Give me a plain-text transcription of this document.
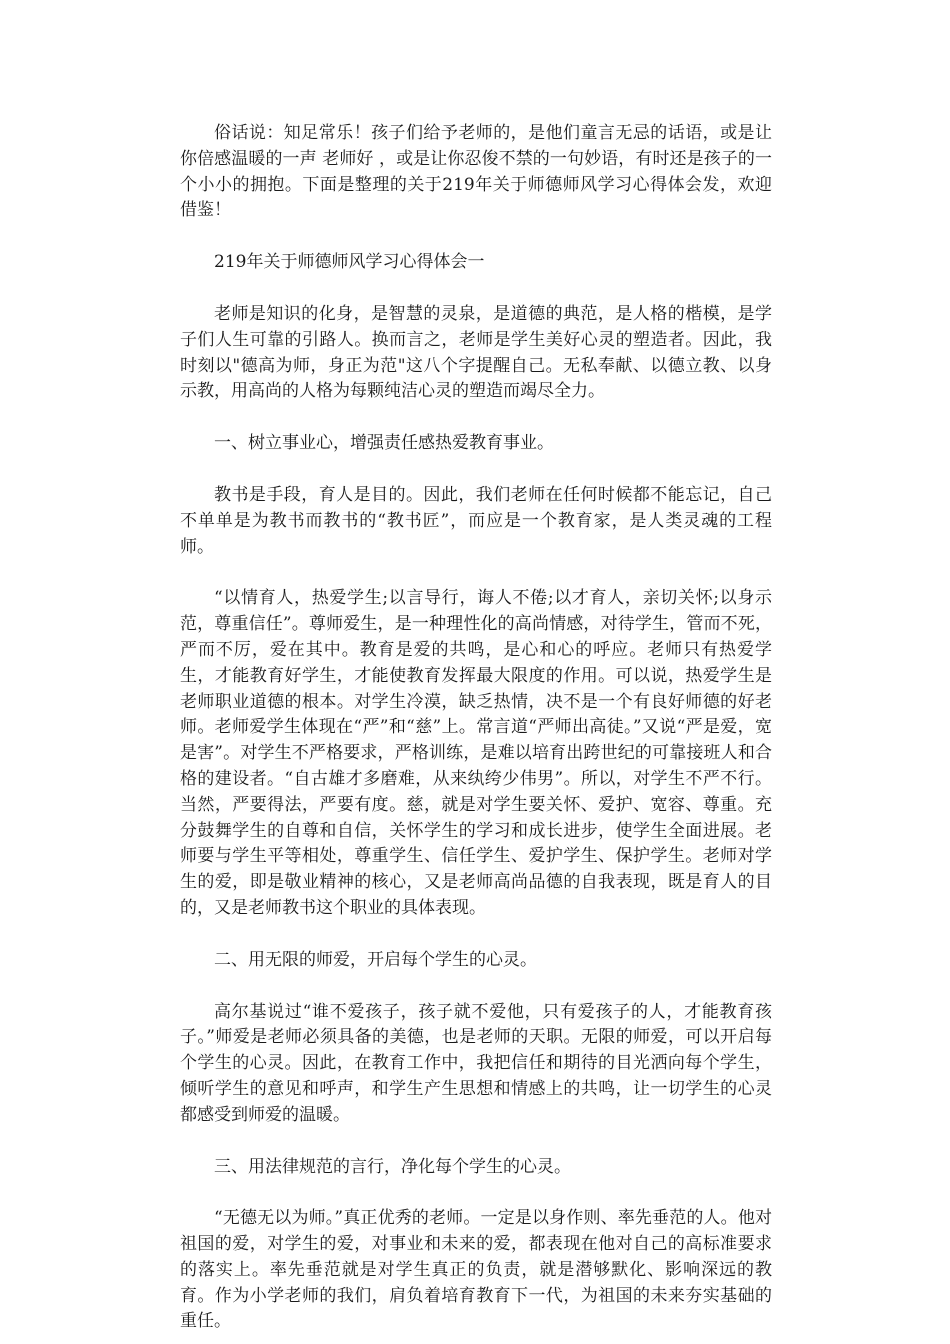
俗话说：知足常乐！孩子们给予老师的，是他们童言无忌的话语，或是让你倍感温暖的一声 老师好 ，或是让你忍俊不禁的一句妙语，有时还是孩子的一个小小的拥抱。下面是整理的关于219年关于师德师风学习心得体会发，欢迎借鉴！

219年关于师德师风学习心得体会一

老师是知识的化身，是智慧的灵泉，是道德的典范，是人格的楷模，是学子们人生可靠的引路人。换而言之，老师是学生美好心灵的塑造者。因此，我时刻以"德高为师，身正为范"这八个字提醒自己。无私奉献、以德立教、以身示教，用高尚的人格为每颗纯洁心灵的塑造而竭尽全力。

一、树立事业心，增强责任感热爱教育事业。

教书是手段，育人是目的。因此，我们老师在任何时候都不能忘记，自己不单单是为教书而教书的“教书匠”，而应是一个教育家，是人类灵魂的工程师。

“以情育人，热爱学生;以言导行，诲人不倦;以才育人，亲切关怀;以身示范，尊重信任”。尊师爱生，是一种理性化的高尚情感，对待学生，管而不死，严而不厉，爱在其中。教育是爱的共鸣，是心和心的呼应。老师只有热爱学生，才能教育好学生，才能使教育发挥最大限度的作用。可以说，热爱学生是老师职业道德的根本。对学生冷漠，缺乏热情，决不是一个有良好师德的好老师。老师爱学生体现在“严”和“慈”上。常言道“严师出高徒。”又说“严是爱，宽是害”。对学生不严格要求，严格训练，是难以培育出跨世纪的可靠接班人和合格的建设者。“自古雄才多磨难，从来纨绔少伟男”。所以，对学生不严不行。当然，严要得法，严要有度。慈，就是对学生要关怀、爱护、宽容、尊重。充分鼓舞学生的自尊和自信，关怀学生的学习和成长进步，使学生全面进展。老师要与学生平等相处，尊重学生、信任学生、爱护学生、保护学生。老师对学生的爱，即是敬业精神的核心，又是老师高尚品德的自我表现，既是育人的目的，又是老师教书这个职业的具体表现。

二、用无限的师爱，开启每个学生的心灵。

高尔基说过“谁不爱孩子，孩子就不爱他，只有爱孩子的人，才能教育孩子。”师爱是老师必须具备的美德，也是老师的天职。无限的师爱，可以开启每个学生的心灵。因此，在教育工作中，我把信任和期待的目光洒向每个学生，倾听学生的意见和呼声，和学生产生思想和情感上的共鸣，让一切学生的心灵都感受到师爱的温暖。

三、用法律规范的言行，净化每个学生的心灵。

“无德无以为师。”真正优秀的老师。一定是以身作则、率先垂范的人。他对祖国的爱，对学生的爱，对事业和未来的爱，都表现在他对自己的高标准要求的落实上。率先垂范就是对学生真正的负责，就是潜够默化、影响深远的教育。作为小学老师的我们，肩负着培育教育下一代，为祖国的未来夯实基础的重任。
